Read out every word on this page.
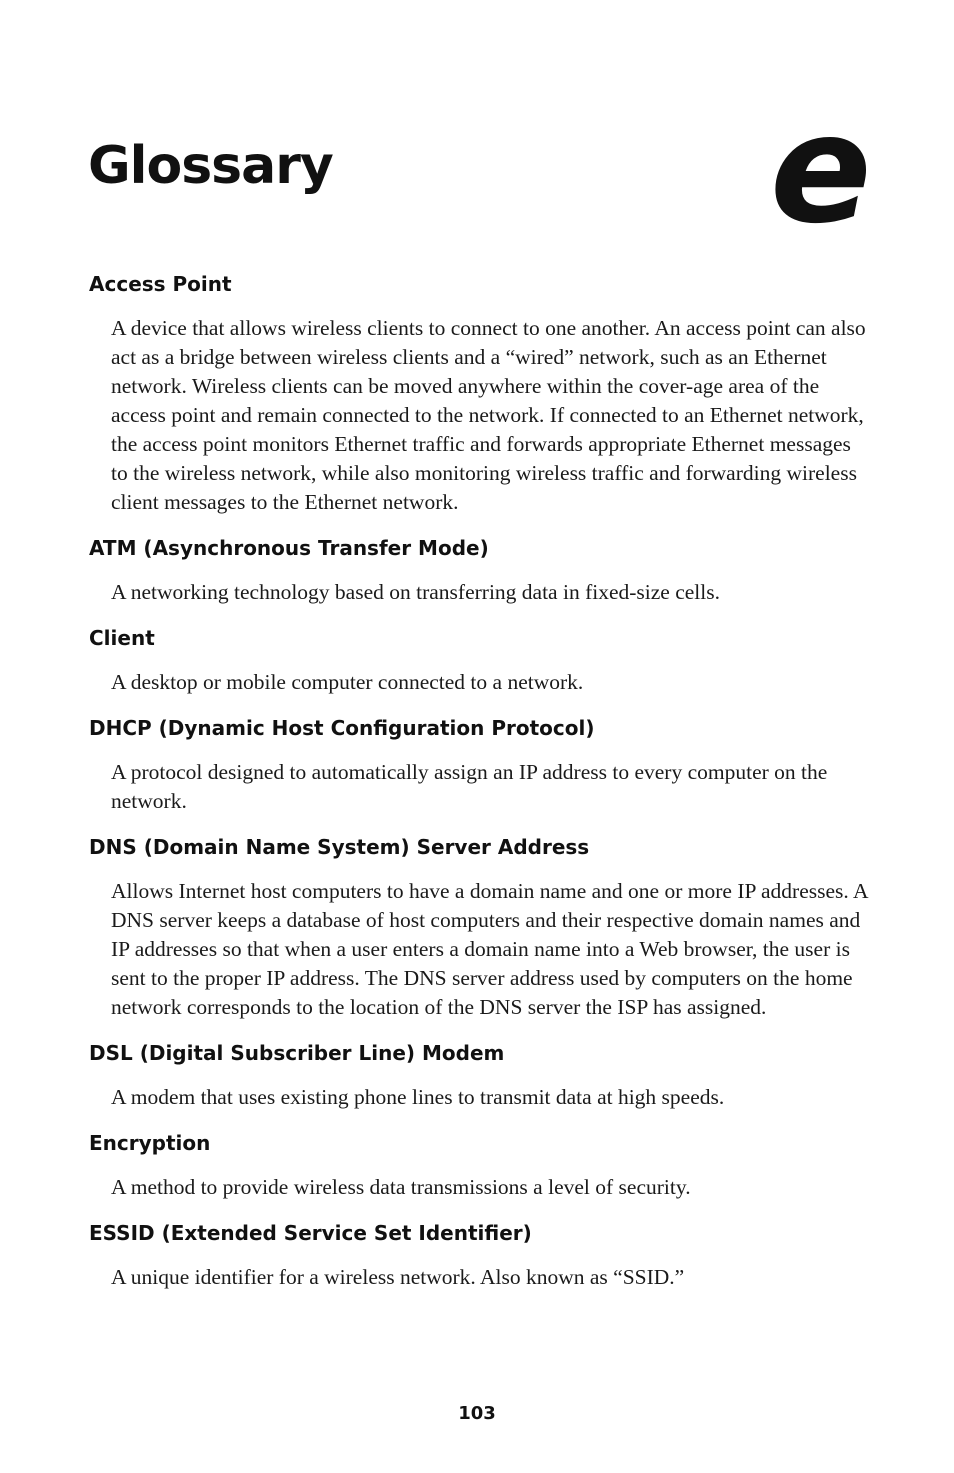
Glossary	e
Access Point

A device that allows wireless clients to connect to one another. An access point can also act as a bridge between wireless clients and a “wired” network, such as an Ethernet network. Wireless clients can be moved anywhere within the cover-age area of the access point and remain connected to the network. If connected to an Ethernet network, the access point monitors Ethernet traffic and forwards appropriate Ethernet messages to the wireless network, while also monitoring wireless traffic and forwarding wireless client messages to the Ethernet network.

ATM (Asynchronous Transfer Mode)

A networking technology based on transferring data in fixed-size cells.

Client

A desktop or mobile computer connected to a network.

DHCP (Dynamic Host Configuration Protocol)

A protocol designed to automatically assign an IP address to every computer on the network.

DNS (Domain Name System) Server Address

Allows Internet host computers to have a domain name and one or more IP addresses. A DNS server keeps a database of host computers and their respective domain names and IP addresses so that when a user enters a domain name into a Web browser, the user is sent to the proper IP address. The DNS server address used by computers on the home network corresponds to the location of the DNS server the ISP has assigned.

DSL (Digital Subscriber Line) Modem

A modem that uses existing phone lines to transmit data at high speeds.

Encryption

A method to provide wireless data transmissions a level of security.

ESSID (Extended Service Set Identifier)

A unique identifier for a wireless network. Also known as “SSID.”

103
